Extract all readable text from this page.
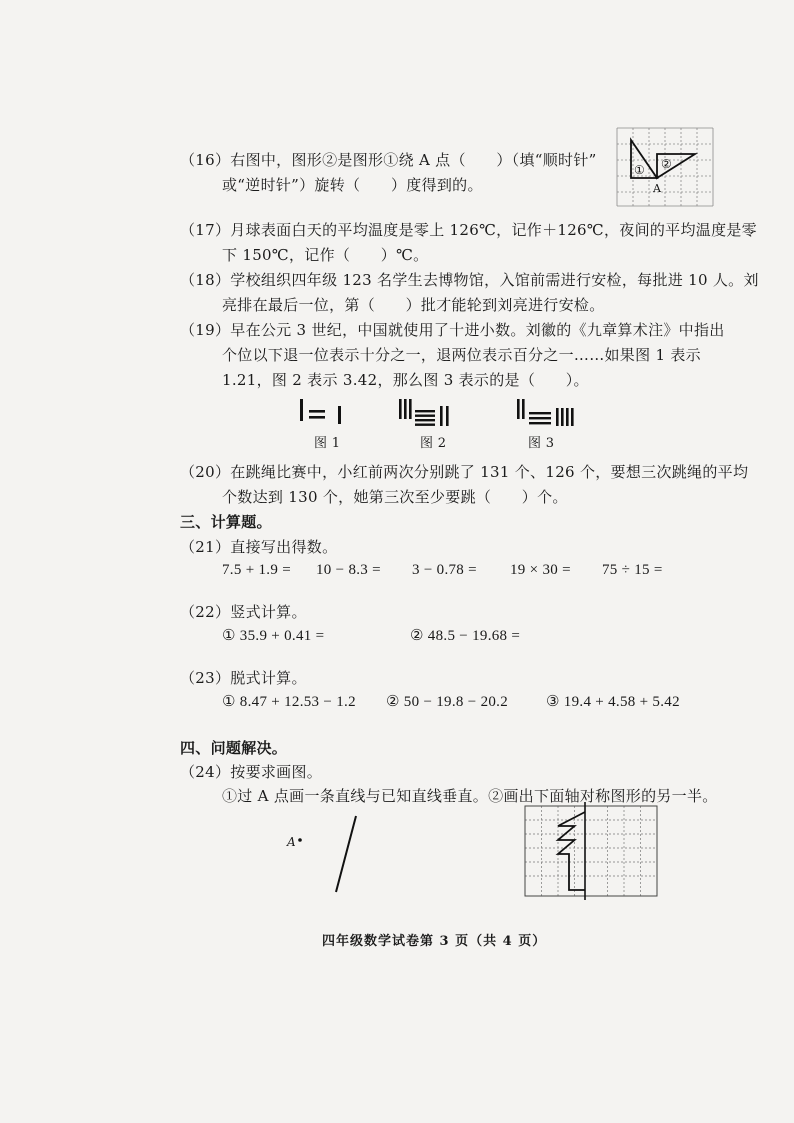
（16）右图中，图形②是图形①绕 A 点（　　）（填“顺时针”
或“逆时针”）旋转（　　）度得到的。
① ②
A
（17）月球表面白天的平均温度是零上 126℃，记作＋126℃，夜间的平均温度是零
下 150℃，记作（　　）℃。
（18）学校组织四年级 123 名学生去博物馆，入馆前需进行安检，每批进 10 人。刘
亮排在最后一位，第（　　）批才能轮到刘亮进行安检。
（19）早在公元 3 世纪，中国就使用了十进小数。刘徽的《九章算术注》中指出
个位以下退一位表示十分之一，退两位表示百分之一……如果图 1 表示
1.21，图 2 表示 3.42，那么图 3 表示的是（　　）。
图 1	图 2	图 3
（20）在跳绳比赛中，小红前两次分别跳了 131 个、126 个，要想三次跳绳的平均
个数达到 130 个，她第三次至少要跳（　　）个。
三、计算题。
（21）直接写出得数。
7.5 + 1.9 = 10 − 8.3 = 3 − 0.78 = 19 × 30 = 75 ÷ 15 =
（22）竖式计算。
① 35.9 + 0.41 =	② 48.5 − 19.68 =
（23）脱式计算。
① 8.47 + 12.53 − 1.2 ② 50 − 19.8 − 20.2	③ 19.4 + 4.58 + 5.42
四、问题解决。
（24）按要求画图。
①过 A 点画一条直线与已知直线垂直。②画出下面轴对称图形的另一半。
A
四年级数学试卷第 3 页（共 4 页）
